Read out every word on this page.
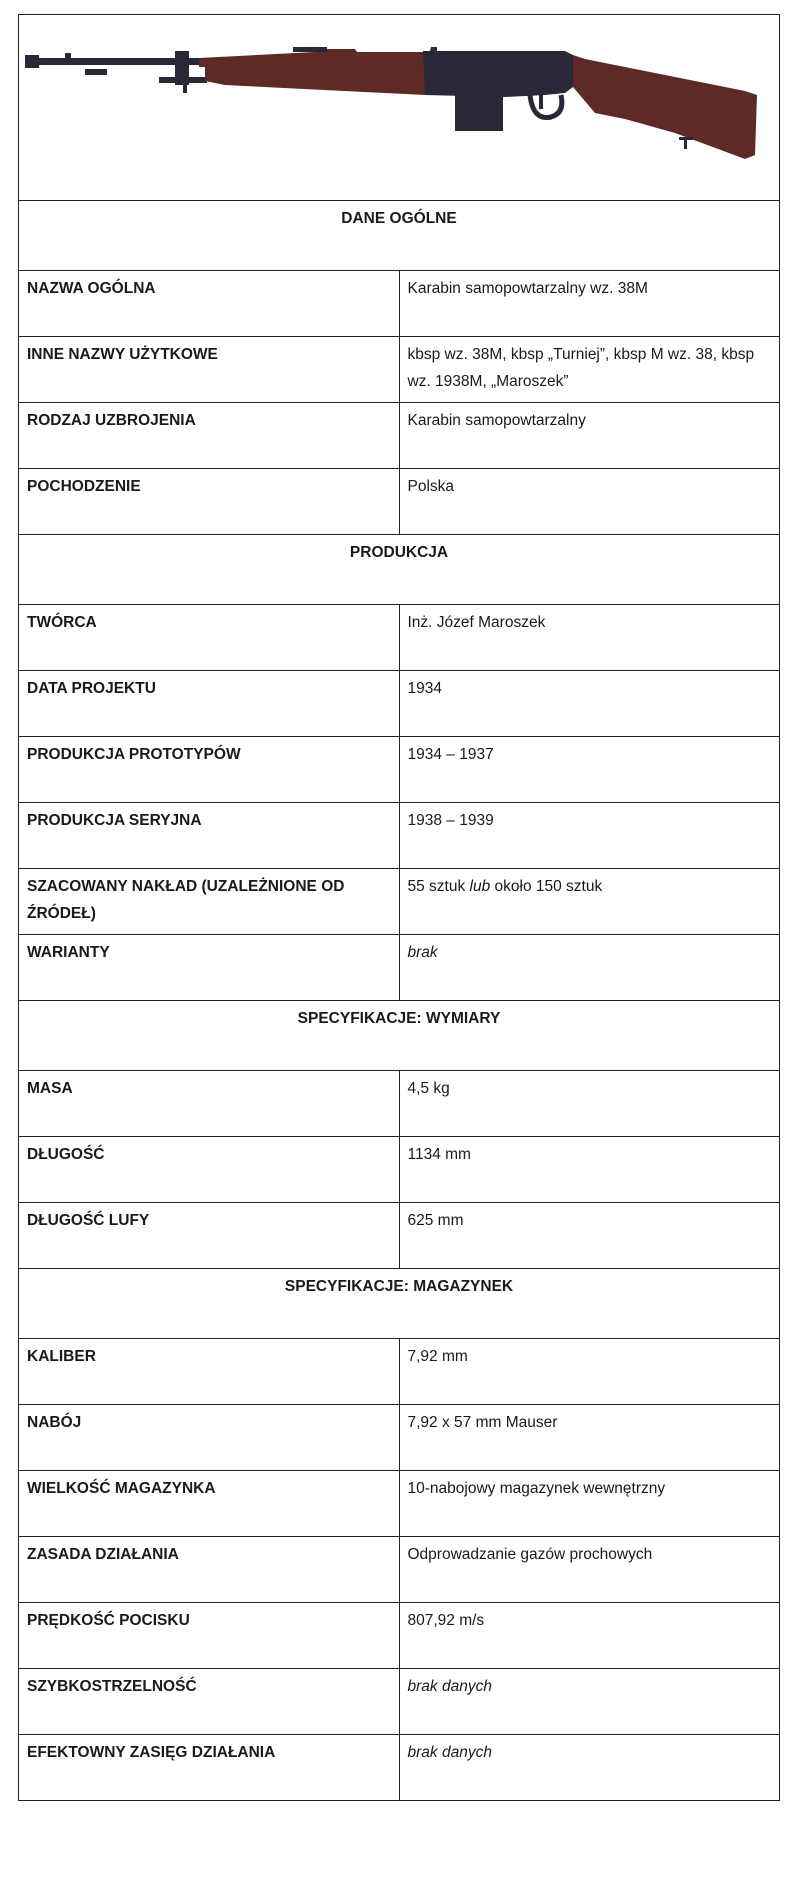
DANE OGÓLNE	
NAZWA OGÓLNA	Karabin samopowtarzalny wz. 38M
INNE NAZWY UŻYTKOWE	kbsp wz. 38M, kbsp „Turniej”, kbsp M wz. 38, kbsp wz. 1938M, „Maroszek”
RODZAJ UZBROJENIA	Karabin samopowtarzalny
POCHODZENIE	Polska
PRODUKCJA	
TWÓRCA	Inż. Józef Maroszek
DATA PROJEKTU	1934
PRODUKCJA PROTOTYPÓW	1934 – 1937
PRODUKCJA SERYJNA	1938 – 1939
SZACOWANY NAKŁAD (UZALEŻNIONE OD ŹRÓDEŁ)	55 sztuk lub około 150 sztuk
WARIANTY	brak
SPECYFIKACJE: WYMIARY	
MASA	4,5 kg
DŁUGOŚĆ	1134 mm
DŁUGOŚĆ LUFY	625 mm
SPECYFIKACJE: MAGAZYNEK	
KALIBER	7,92 mm
NABÓJ	7,92 x 57 mm Mauser
WIELKOŚĆ MAGAZYNKA	10-nabojowy magazynek wewnętrzny
ZASADA DZIAŁANIA	Odprowadzanie gazów prochowych
PRĘDKOŚĆ POCISKU	807,92 m/s
SZYBKOSTRZELNOŚĆ	brak danych
EFEKTOWNY ZASIĘG DZIAŁANIA	brak danych
